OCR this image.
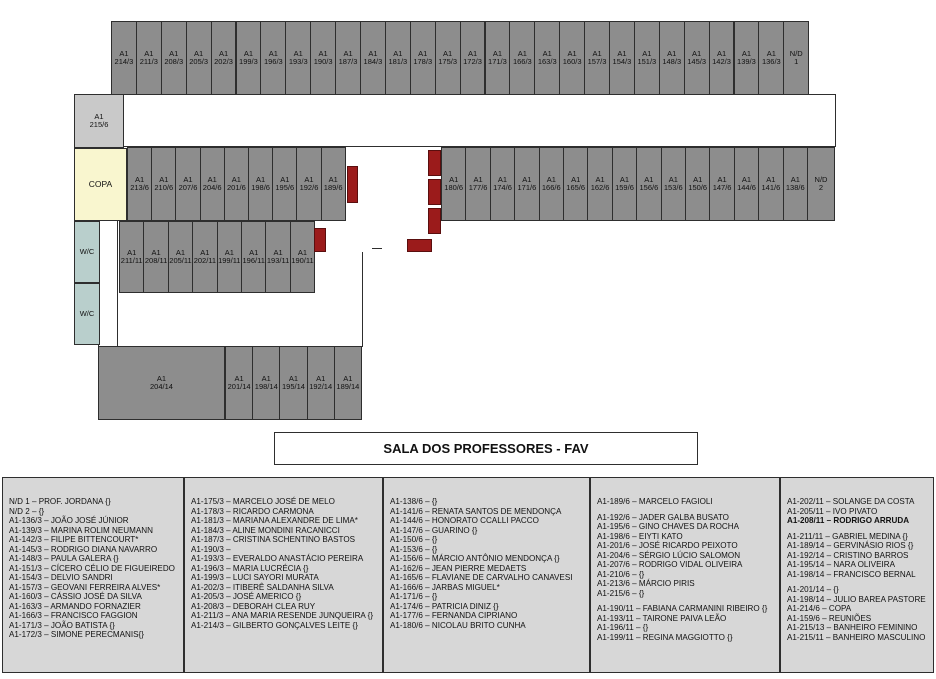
A1
214/3
A1
211/3
A1
208/3
A1
205/3
A1
202/3
A1
199/3
A1
196/3
A1
193/3
A1
190/3
A1
187/3
A1
184/3
A1
181/3
A1
178/3
A1
175/3
A1
172/3
A1
171/3
A1
166/3
A1
163/3
A1
160/3
A1
157/3
A1
154/3
A1
151/3
A1
148/3
A1
145/3
A1
142/3
A1
139/3
A1
136/3
N/D
1
A1
213/6
A1
210/6
A1
207/6
A1
204/6
A1
201/6
A1
198/6
A1
195/6
A1
192/6
A1
189/6
A1
180/6
A1
177/6
A1
174/6
A1
171/6
A1
166/6
A1
165/6
A1
162/6
A1
159/6
A1
156/6
A1
153/6
A1
150/6
A1
147/6
A1
144/6
A1
141/6
A1
138/6
N/D
2
A1
211/11
A1
208/11
A1
205/11
A1
202/11
A1
199/11
A1
196/11
A1
193/11
A1
190/11
A1
201/14
A1
198/14
A1
195/14
A1
192/14
A1
189/14
A1
215/6
COPA
W/C
W/C
A1
204/14
SALA DOS PROFESSORES - FAV
N/D 1 – PROF. JORDANA {}
N/D 2 – {}
A1-136/3 – JOÃO JOSÉ JÚNIOR
A1-139/3 – MARINA ROLIM NEUMANN
A1-142/3 – FILIPE BITTENCOURT*
A1-145/3 – RODRIGO DIANA NAVARRO
A1-148/3 – PAULA GALERA {}
A1-151/3 – CÍCERO CÉLIO DE FIGUEIREDO
A1-154/3 – DELVIO SANDRI
A1-157/3 – GEOVANI FERREIRA ALVES*
A1-160/3 – CÁSSIO JOSÉ DA SILVA
A1-163/3 – ARMANDO FORNAZIER
A1-166/3 – FRANCISCO FAGGION
A1-171/3 – JOÃO BATISTA {}
A1-172/3 – SIMONE PERECMANIS{}
A1-175/3 – MARCELO JOSÉ DE MELO
A1-178/3 – RICARDO CARMONA
A1-181/3 – MARIANA ALEXANDRE DE LIMA*
A1-184/3 – ALINE MONDINI RACANICCI
A1-187/3 – CRISTINA SCHENTINO BASTOS
A1-190/3 –
A1-193/3 – EVERALDO ANASTÁCIO PEREIRA
A1-196/3 – MARIA LUCRÉCIA {}
A1-199/3 – LUCI SAYORI MURATA
A1-202/3 – ITIBERÊ SALDANHA SILVA
A1-205/3 – JOSÉ AMERICO {}
A1-208/3 – DEBORAH CLEA RUY
A1-211/3 – ANA MARIA RESENDE JUNQUEIRA {}
A1-214/3 – GILBERTO GONÇALVES LEITE {}
A1-138/6 – {}
A1-141/6 – RENATA SANTOS DE MENDONÇA
A1-144/6 – HONORATO CCALLI PACCO
A1-147/6 – GUARINO {}
A1-150/6 – {}
A1-153/6 – {}
A1-156/6 – MÁRCIO ANTÔNIO MENDONÇA {}
A1-162/6 – JEAN PIERRE MEDAETS
A1-165/6 – FLAVIANE DE CARVALHO CANAVESI
A1-166/6 – JARBAS MIGUEL*
A1-171/6 – {}
A1-174/6 – PATRICIA DINIZ {}
A1-177/6 – FERNANDA CIPRIANO
A1-180/6 – NICOLAU BRITO CUNHA
A1-189/6 – MARCELO FAGIOLI
A1-192/6 – JADER GALBA BUSATO
A1-195/6 – GINO CHAVES DA ROCHA
A1-198/6 – EIYTI KATO
A1-201/6 – JOSÉ RICARDO PEIXOTO
A1-204/6 – SÉRGIO LÚCIO SALOMON
A1-207/6 – RODRIGO VIDAL OLIVEIRA
A1-210/6 – {}
A1-213/6 – MÁRCIO PIRIS
A1-215/6 – {}
A1-190/11 – FABIANA CARMANINI RIBEIRO {}
A1-193/11 – TAIRONE PAIVA LEÃO
A1-196/11 – {}
A1-199/11 – REGINA MAGGIOTTO {}
A1-202/11 – SOLANGE DA COSTA
A1-205/11 – IVO PIVATO
A1-208/11 – RODRIGO ARRUDA
A1-211/11 – GABRIEL MEDINA {}
A1-189/14 – GERVINÁSIO RIOS {}
A1-192/14 – CRISTINO BARROS
A1-195/14 – NARA OLIVEIRA
A1-198/14 – FRANCISCO BERNAL
A1-201/14 – {}
A1-198/14 – JULIO BAREA PASTORE
A1-214/6 – COPA
A1-159/6 – REUNIÕES
A1-215/13 – BANHEIRO FEMININO
A1-215/11 – BANHEIRO MASCULINO
